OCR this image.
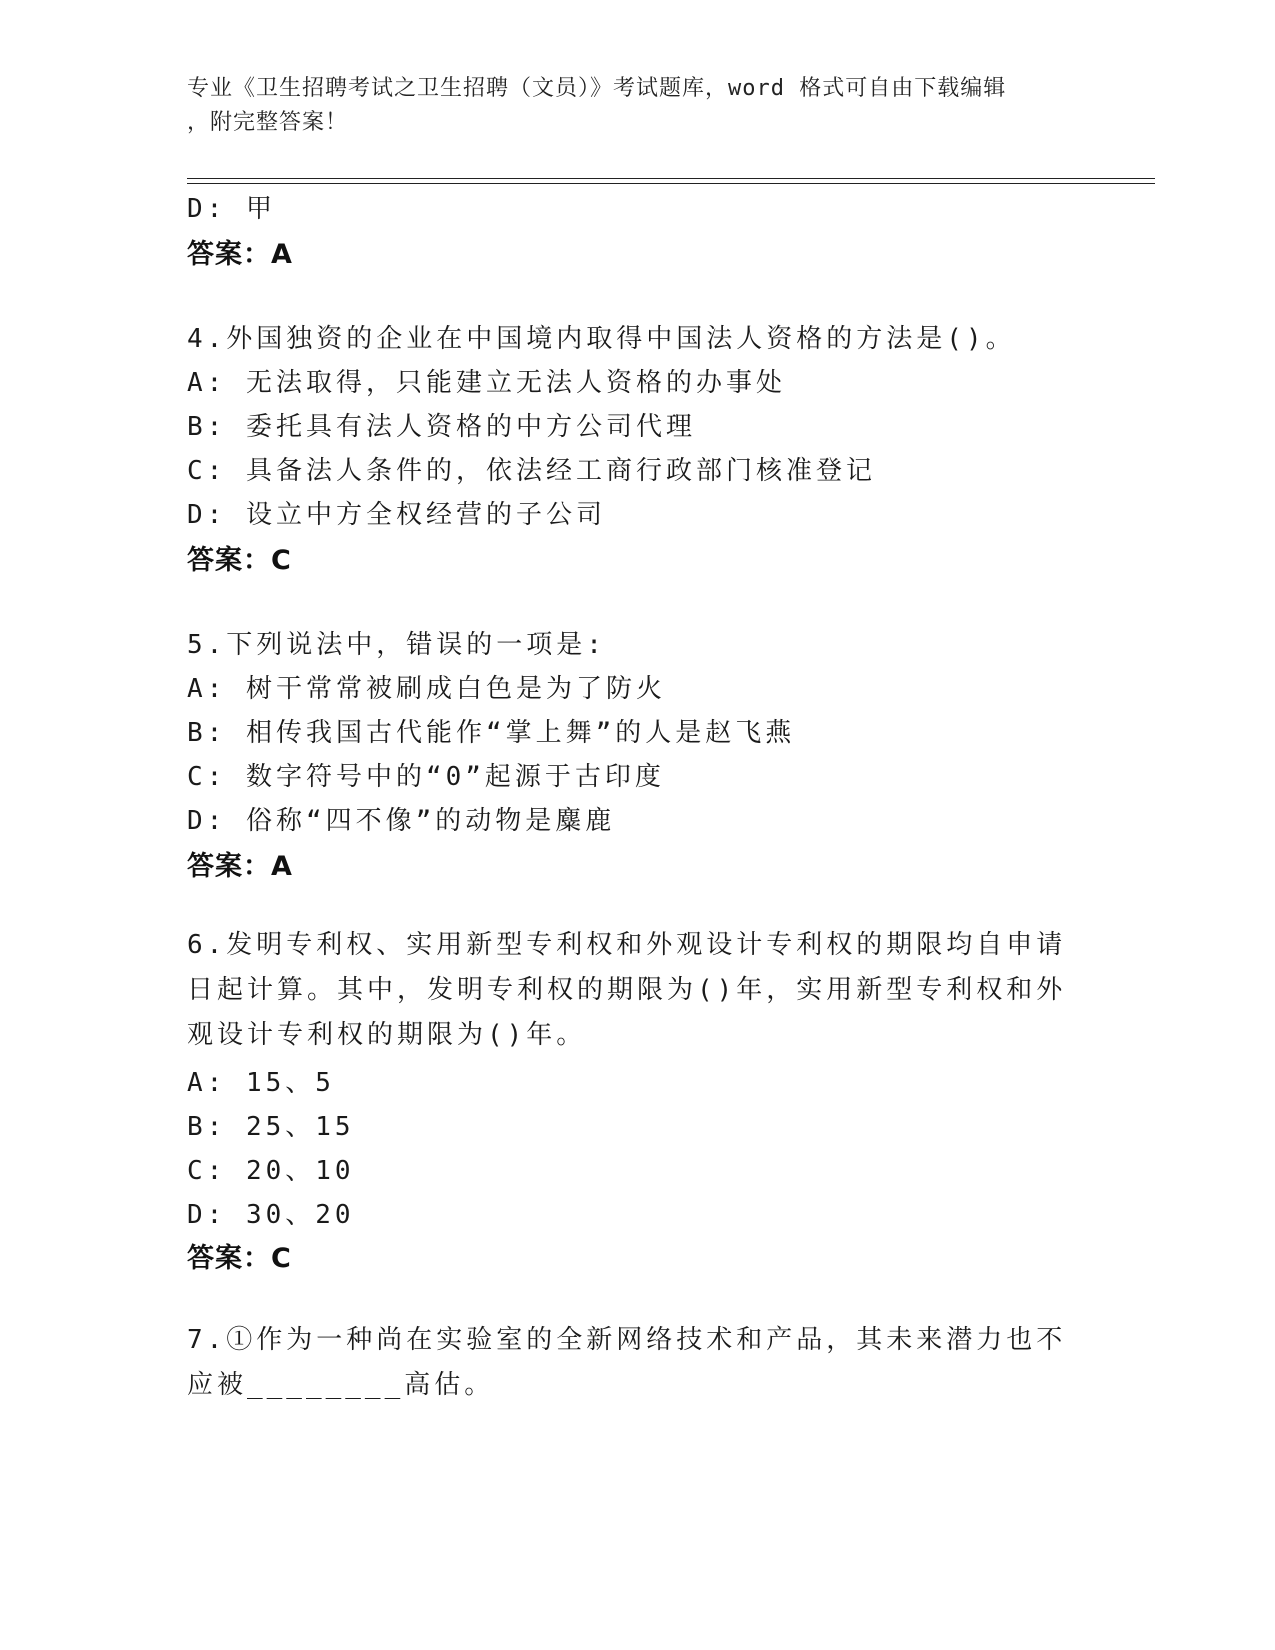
专业《卫生招聘考试之卫生招聘（文员）》考试题库，word 格式可自由下载编辑
，附完整答案！
D: 甲
答案：A
4.外国独资的企业在中国境内取得中国法人资格的方法是()。
A: 无法取得，只能建立无法人资格的办事处
B: 委托具有法人资格的中方公司代理
C: 具备法人条件的，依法经工商行政部门核准登记
D: 设立中方全权经营的子公司
答案：C
5.下列说法中，错误的一项是:
A: 树干常常被刷成白色是为了防火
B: 相传我国古代能作“掌上舞”的人是赵飞燕
C: 数字符号中的“0”起源于古印度
D: 俗称“四不像”的动物是麋鹿
答案：A
6.发明专利权、实用新型专利权和外观设计专利权的期限均自申请日起计算。其中，发明专利权的期限为()年，实用新型专利权和外观设计专利权的期限为()年。
A: 15、5
B: 25、15
C: 20、10
D: 30、20
答案：C
7.①作为一种尚在实验室的全新网络技术和产品，其未来潜力也不应被________高估。
